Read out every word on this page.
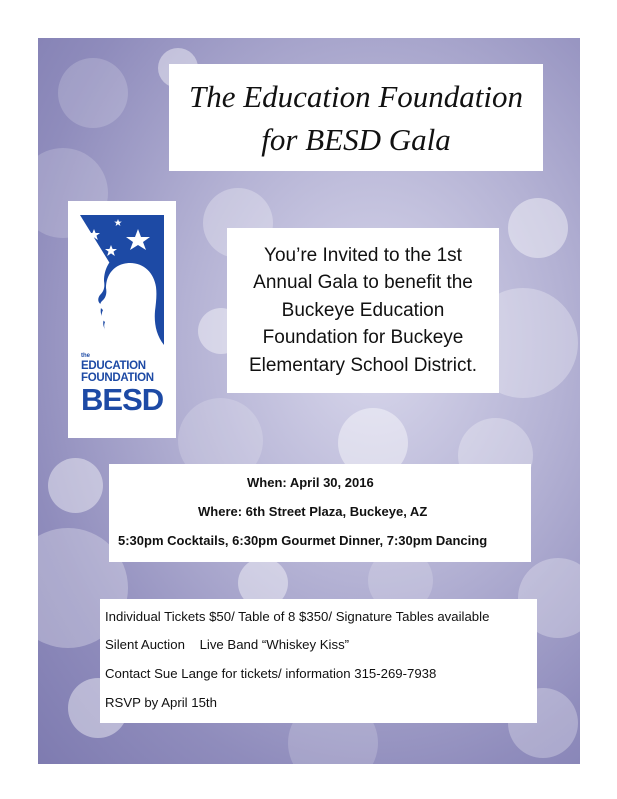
The Education Foundation
for BESD Gala
the
EDUCATION
FOUNDATION
BESD
You’re Invited to the 1st
Annual Gala to benefit the
Buckeye Education
Foundation for Buckeye
Elementary School District.
When: April 30, 2016
Where: 6th Street Plaza, Buckeye, AZ
5:30pm Cocktails, 6:30pm Gourmet Dinner, 7:30pm Dancing
Individual Tickets $50/ Table of 8 $350/ Signature Tables available
Silent Auction    Live Band “Whiskey Kiss”
Contact Sue Lange for tickets/ information 315-269-7938
RSVP by April 15th
